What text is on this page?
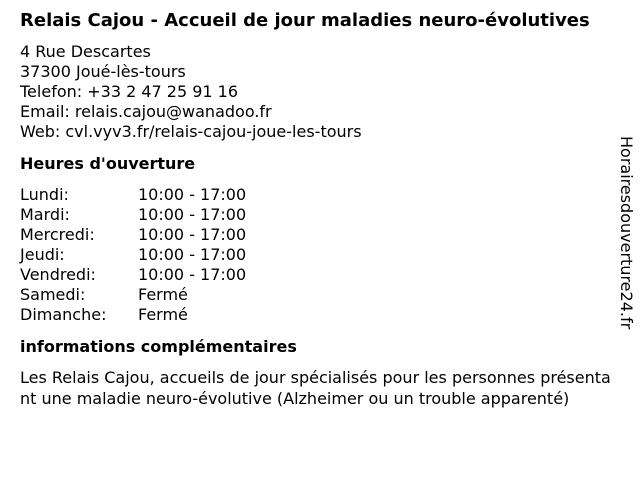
Relais Cajou - Accueil de jour maladies neuro-évolutives
4 Rue Descartes
37300 Joué-lès-tours
Telefon: +33 2 47 25 91 16
Email: relais.cajou@wanadoo.fr
Web: cvl.vyv3.fr/relais-cajou-joue-les-tours
Heures d'ouverture
Lundi:	10:00 - 17:00
Mardi:	10:00 - 17:00
Mercredi:	10:00 - 17:00
Jeudi:	10:00 - 17:00
Vendredi:	10:00 - 17:00
Samedi:	Fermé
Dimanche:	Fermé
informations complémentaires
Les Relais Cajou, accueils de jour spécialisés pour les personnes présentant une maladie neuro-évolutive (Alzheimer ou un trouble apparenté)
Horairesdouverture24.fr
